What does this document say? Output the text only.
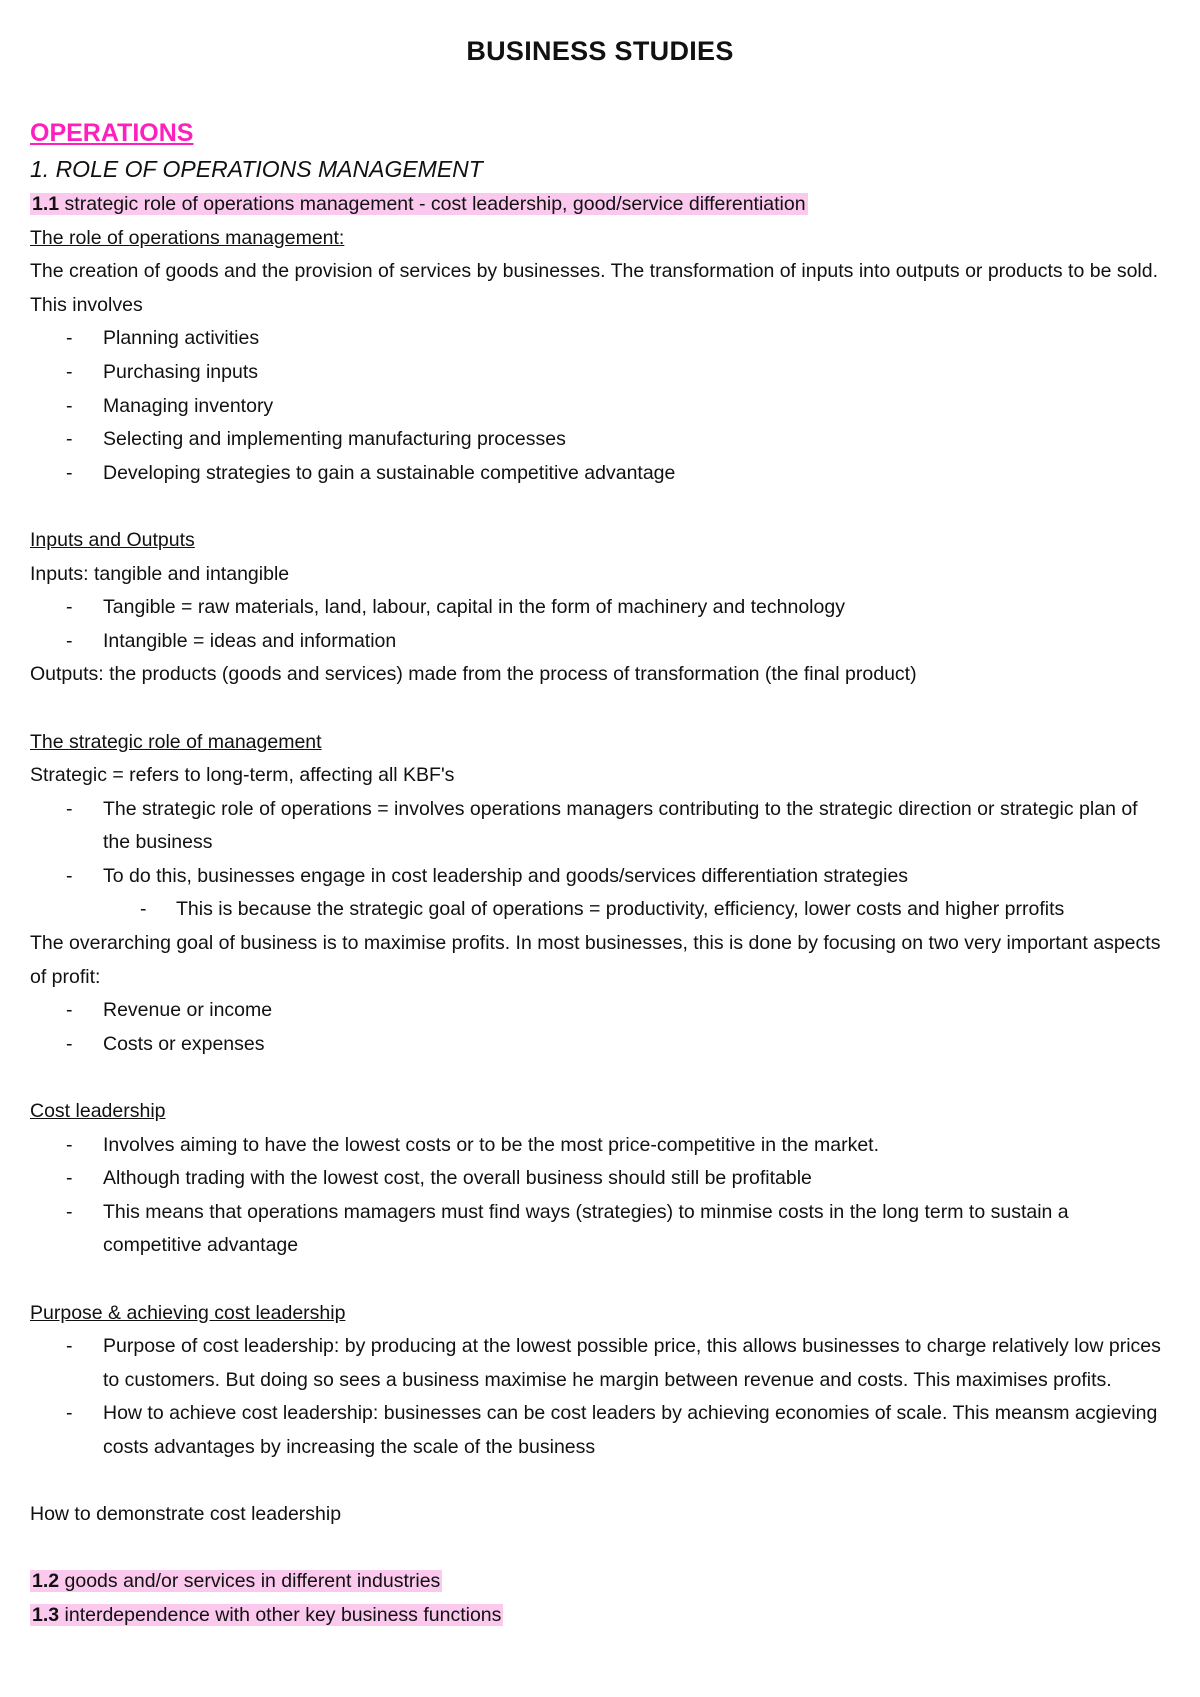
BUSINESS STUDIES
OPERATIONS
1. ROLE OF OPERATIONS MANAGEMENT
1.1 strategic role of operations management - cost leadership, good/service differentiation
The role of operations management:
The creation of goods and the provision of services by businesses. The transformation of inputs into outputs or products to be sold. This involves
- Planning activities
- Purchasing inputs
- Managing inventory
- Selecting and implementing manufacturing processes
- Developing strategies to gain a sustainable competitive advantage
Inputs and Outputs
Inputs: tangible and intangible
- Tangible = raw materials, land, labour, capital in the form of machinery and technology
- Intangible = ideas and information
Outputs: the products (goods and services) made from the process of transformation (the final product)
The strategic role of management
Strategic = refers to long-term, affecting all KBF's
- The strategic role of operations = involves operations managers contributing to the strategic direction or strategic plan of the business
- To do this, businesses engage in cost leadership and goods/services differentiation strategies
- This is because the strategic goal of operations = productivity, efficiency, lower costs and higher prrofits
The overarching goal of business is to maximise profits. In most businesses, this is done by focusing on two very important aspects of profit:
- Revenue or income
- Costs or expenses
Cost leadership
- Involves aiming to have the lowest costs or to be the most price-competitive in the market.
- Although trading with the lowest cost, the overall business should still be profitable
- This means that operations mamagers must find ways (strategies) to minmise costs in the long term to sustain a competitive advantage
Purpose & achieving cost leadership
- Purpose of cost leadership: by producing at the lowest possible price, this allows businesses to charge relatively low prices to customers. But doing so sees a business maximise he margin between revenue and costs. This maximises profits.
- How to achieve cost leadership: businesses can be cost leaders by achieving economies of scale. This meansm acgieving costs advantages by increasing the scale of the business
How to demonstrate cost leadership
1.2 goods and/or services in different industries
1.3 interdependence with other key business functions
